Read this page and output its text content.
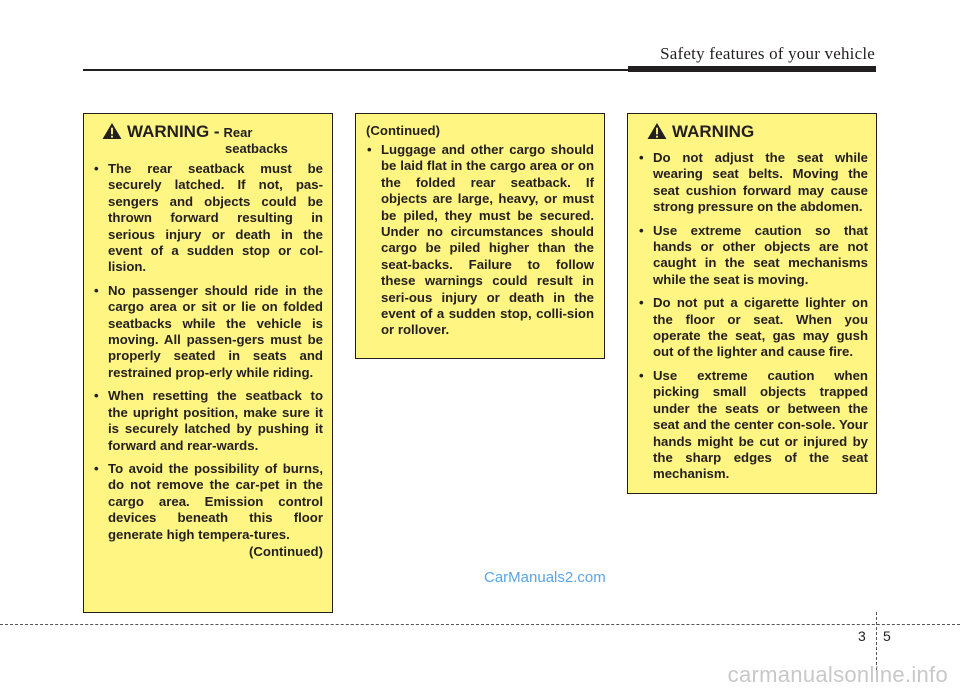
Safety features of your vehicle
WARNING - Rear
seatbacks
• The rear seatback must be securely latched. If not, pas-sengers and objects could be thrown forward resulting in serious injury or death in the event of a sudden stop or col-lision.
• No passenger should ride in the cargo area or sit or lie on folded seatbacks while the vehicle is moving. All passen-gers must be properly seated in seats and restrained prop-erly while riding.
• When resetting the seatback to the upright position, make sure it is securely latched by pushing it forward and rear-wards.
• To avoid the possibility of burns, do not remove the car-pet in the cargo area. Emission control devices beneath this floor generate high tempera-tures.
(Continued)
(Continued)
• Luggage and other cargo should be laid flat in the cargo area or on the folded rear seatback. If objects are large, heavy, or must be piled, they must be secured. Under no circumstances should cargo be piled higher than the seat-backs. Failure to follow these warnings could result in seri-ous injury or death in the event of a sudden stop, colli-sion or rollover.
WARNING
• Do not adjust the seat while wearing seat belts. Moving the seat cushion forward may cause strong pressure on the abdomen.
• Use extreme caution so that hands or other objects are not caught in the seat mechanisms while the seat is moving.
• Do not put a cigarette lighter on the floor or seat. When you operate the seat, gas may gush out of the lighter and cause fire.
• Use extreme caution when picking small objects trapped under the seats or between the seat and the center con-sole. Your hands might be cut or injured by the sharp edges of the seat mechanism.
CarManuals2.com
3 5
carmanualsonline.info
